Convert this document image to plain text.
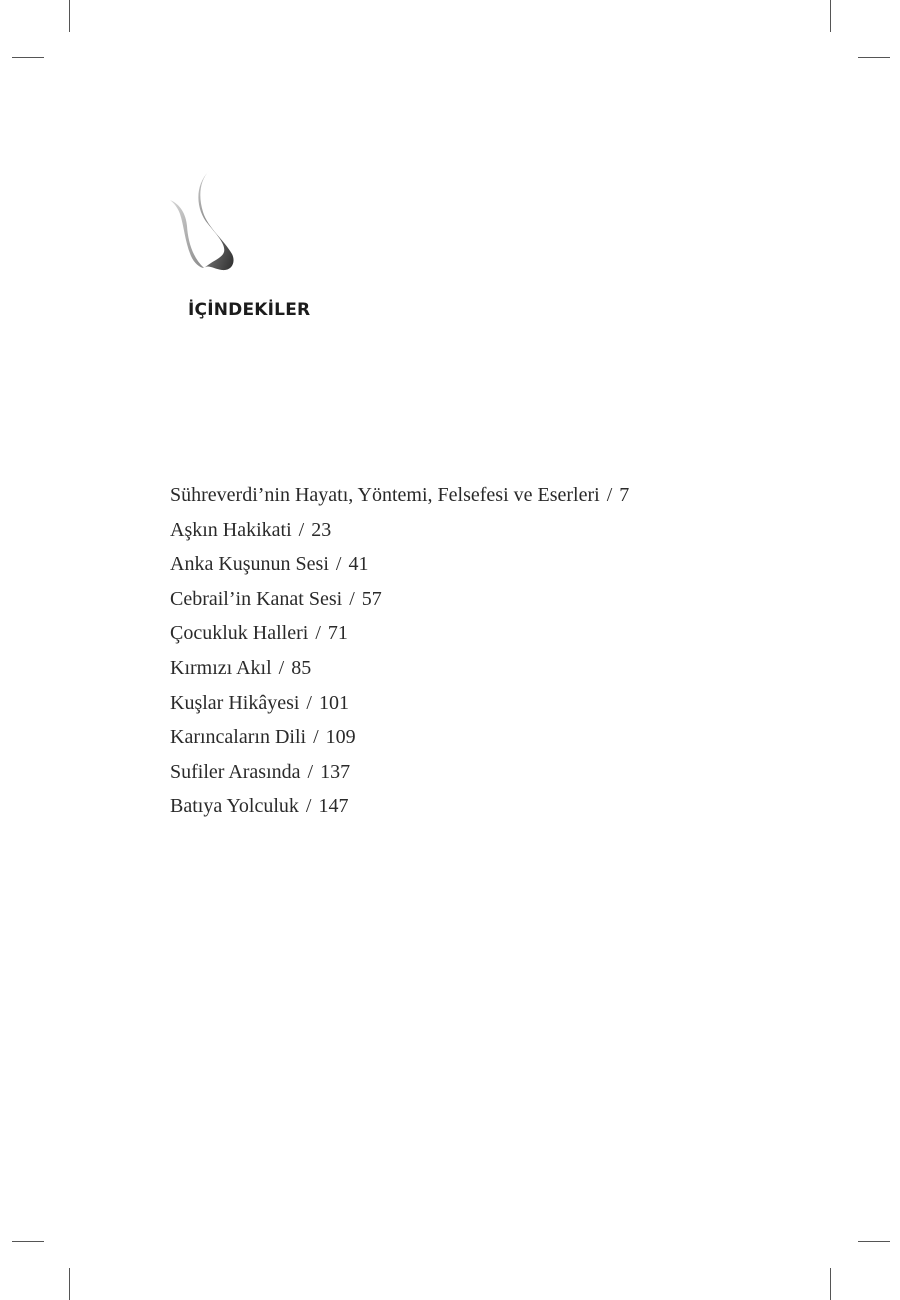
İÇİNDEKİLER
Sühreverdi’nin Hayatı, Yöntemi, Felsefesi ve Eserleri / 7
Aşkın Hakikati / 23
Anka Kuşunun Sesi / 41
Cebrail’in Kanat Sesi / 57
Çocukluk Halleri / 71
Kırmızı Akıl / 85
Kuşlar Hikâyesi / 101
Karıncaların Dili / 109
Sufiler Arasında / 137
Batıya Yolculuk / 147
